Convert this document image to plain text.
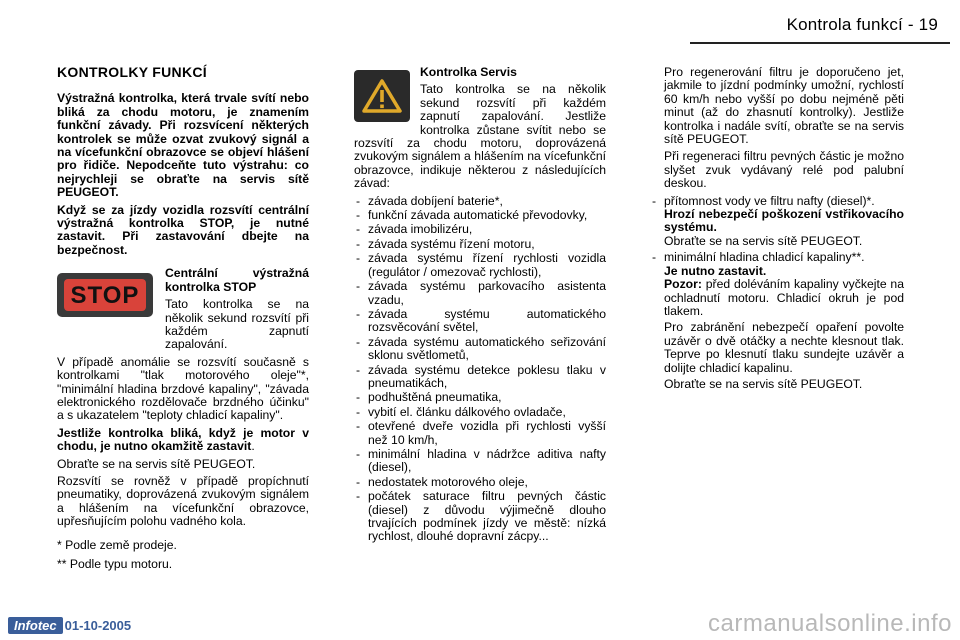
Kontrola funkcí - 19
KONTROLKY FUNKCÍ

Výstražná kontrolka, která trvale svítí nebo bliká za chodu motoru, je znamením funkční závady. Při rozsvícení některých kontrolek se může ozvat zvukový signál a na vícefunkční obrazovce se objeví hlášení pro řidiče. Nepodceňte tuto výstrahu: co nejrychleji se obraťte na servis sítě PEUGEOT.

Když se za jízdy vozidla rozsvítí centrální výstražná kontrolka STOP, je nutné zastavit. Při zastavování dbejte na bezpečnost.

STOP

Centrální výstražná kontrolka STOP

Tato kontrolka se na několik sekund rozsvítí při každém zapnutí zapalování.

V případě anomálie se rozsvítí současně s kontrolkami "tlak motorového oleje"*, "minimální hladina brzdové kapaliny", "závada elektronického rozdělovače brzdného účinku" a s ukazatelem "teploty chladicí kapaliny".

Jestliže kontrolka bliká, když je motor v chodu, je nutno okamžitě zastavit.

Obraťte se na servis sítě PEUGEOT.

Rozsvítí se rovněž v případě propíchnutí pneumatiky, doprovázená zvukovým signálem a hlášením na vícefunkční obrazovce, upřesňujícím polohu vadného kola.

* Podle země prodeje.

** Podle typu motoru.

Kontrolka Servis

Tato kontrolka se na několik sekund rozsvítí při každém zapnutí zapalování. Jestliže kontrolka zůstane svítit nebo se rozsvítí za chodu motoru, doprovázená zvukovým signálem a hlášením na vícefunkční obrazovce, indikuje některou z následujících závad:

- závada dobíjení baterie*,
- funkční závada automatické převodovky,
- závada imobilizéru,
- závada systému řízení motoru,
- závada systému řízení rychlosti vozidla (regulátor / omezovač rychlosti),
- závada systému parkovacího asistenta vzadu,
- závada systému automatického rozsvěcování světel,
- závada systému automatického seřizování sklonu světlometů,
- závada systému detekce poklesu tlaku v pneumatikách,
- podhuštěná pneumatika,
- vybití el. článku dálkového ovladače,
- otevřené dveře vozidla při rychlosti vyšší než 10 km/h,
- minimální hladina v nádržce aditiva nafty (diesel),
- nedostatek motorového oleje,
- počátek saturace filtru pevných částic (diesel) z důvodu výjimečně dlouho trvajících podmínek jízdy ve městě: nízká rychlost, dlouhé dopravní zácpy...

Pro regenerování filtru je doporučeno jet, jakmile to jízdní podmínky umožní, rychlostí 60 km/h nebo vyšší po dobu nejméně pěti minut (až do zhasnutí kontrolky). Jestliže kontrolka i nadále svítí, obraťte se na servis sítě PEUGEOT.

Při regeneraci filtru pevných částic je možno slyšet zvuk vydávaný relé pod palubní deskou.

- přítomnost vody ve filtru nafty (diesel)*.
Hrozí nebezpečí poškození vstřikovacího systému.
Obraťte se na servis sítě PEUGEOT.
- minimální hladina chladicí kapaliny**.
Je nutno zastavit.
Pozor: před doléváním kapaliny vyčkejte na ochladnutí motoru. Chladicí okruh je pod tlakem.
Pro zabránění nebezpečí opaření povolte uzávěr o dvě otáčky a nechte klesnout tlak. Teprve po klesnutí tlaku sundejte uzávěr a dolijte chladicí kapalinu.
Obraťte se na servis sítě PEUGEOT.
Infotec 01-10-2005	carmanualsonline.info
